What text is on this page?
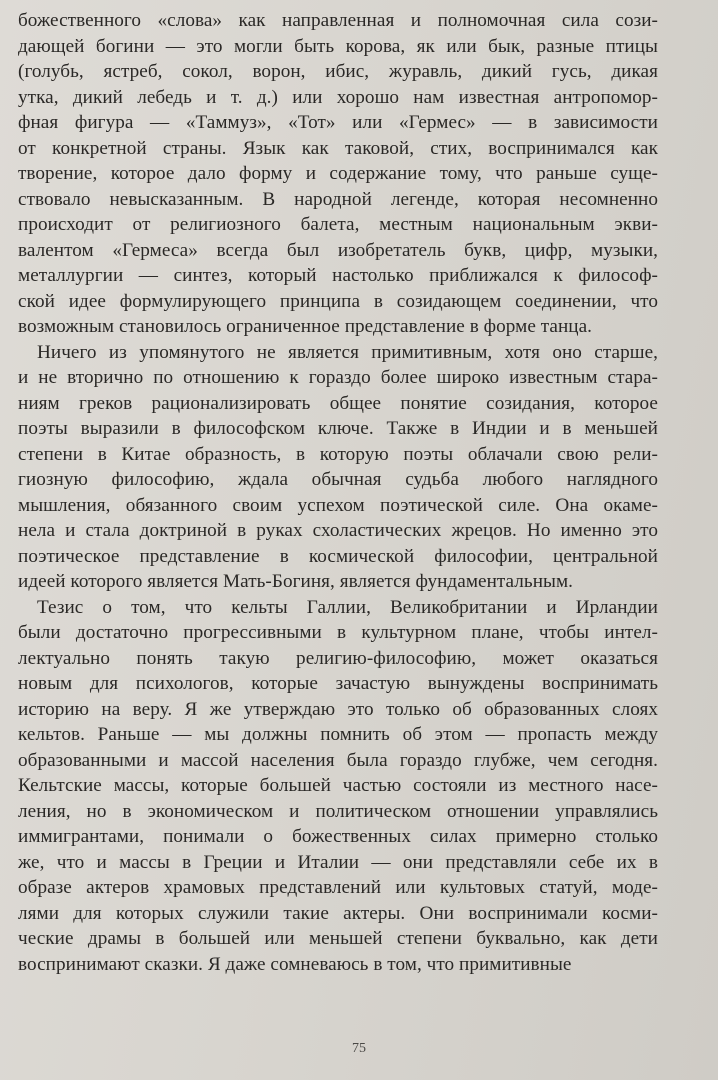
божественного «слова» как направленная и полномочная сила сози-
дающей богини — это могли быть корова, як или бык, разные птицы
(голубь, ястреб, сокол, ворон, ибис, журавль, дикий гусь, дикая
утка, дикий лебедь и т. д.) или хорошо нам известная антропомор-
фная фигура — «Таммуз», «Тот» или «Гермес» — в зависимости
от конкретной страны. Язык как таковой, стих, воспринимался как
творение, которое дало форму и содержание тому, что раньше суще-
ствовало невысказанным. В народной легенде, которая несомненно
происходит от религиозного балета, местным национальным экви-
валентом «Гермеса» всегда был изобретатель букв, цифр, музыки,
металлургии — синтез, который настолько приближался к философ-
ской идее формулирующего принципа в созидающем соединении, что
возможным становилось ограниченное представление в форме танца.
Ничего из упомянутого не является примитивным, хотя оно старше,
и не вторично по отношению к гораздо более широко известным стара-
ниям греков рационализировать общее понятие созидания, которое
поэты выразили в философском ключе. Также в Индии и в меньшей
степени в Китае образность, в которую поэты облачали свою рели-
гиозную философию, ждала обычная судьба любого наглядного
мышления, обязанного своим успехом поэтической силе. Она окаме-
нела и стала доктриной в руках схоластических жрецов. Но именно это
поэтическое представление в космической философии, центральной
идеей которого является Мать-Богиня, является фундаментальным.
Тезис о том, что кельты Галлии, Великобритании и Ирландии
были достаточно прогрессивными в культурном плане, чтобы интел-
лектуально понять такую религию-философию, может оказаться
новым для психологов, которые зачастую вынуждены воспринимать
историю на веру. Я же утверждаю это только об образованных слоях
кельтов. Раньше — мы должны помнить об этом — пропасть между
образованными и массой населения была гораздо глубже, чем сегодня.
Кельтские массы, которые большей частью состояли из местного насе-
ления, но в экономическом и политическом отношении управлялись
иммигрантами, понимали о божественных силах примерно столько
же, что и массы в Греции и Италии — они представляли себе их в
образе актеров храмовых представлений или культовых статуй, моде-
лями для которых служили такие актеры. Они воспринимали косми-
ческие драмы в большей или меньшей степени буквально, как дети
воспринимают сказки. Я даже сомневаюсь в том, что примитивные
75
